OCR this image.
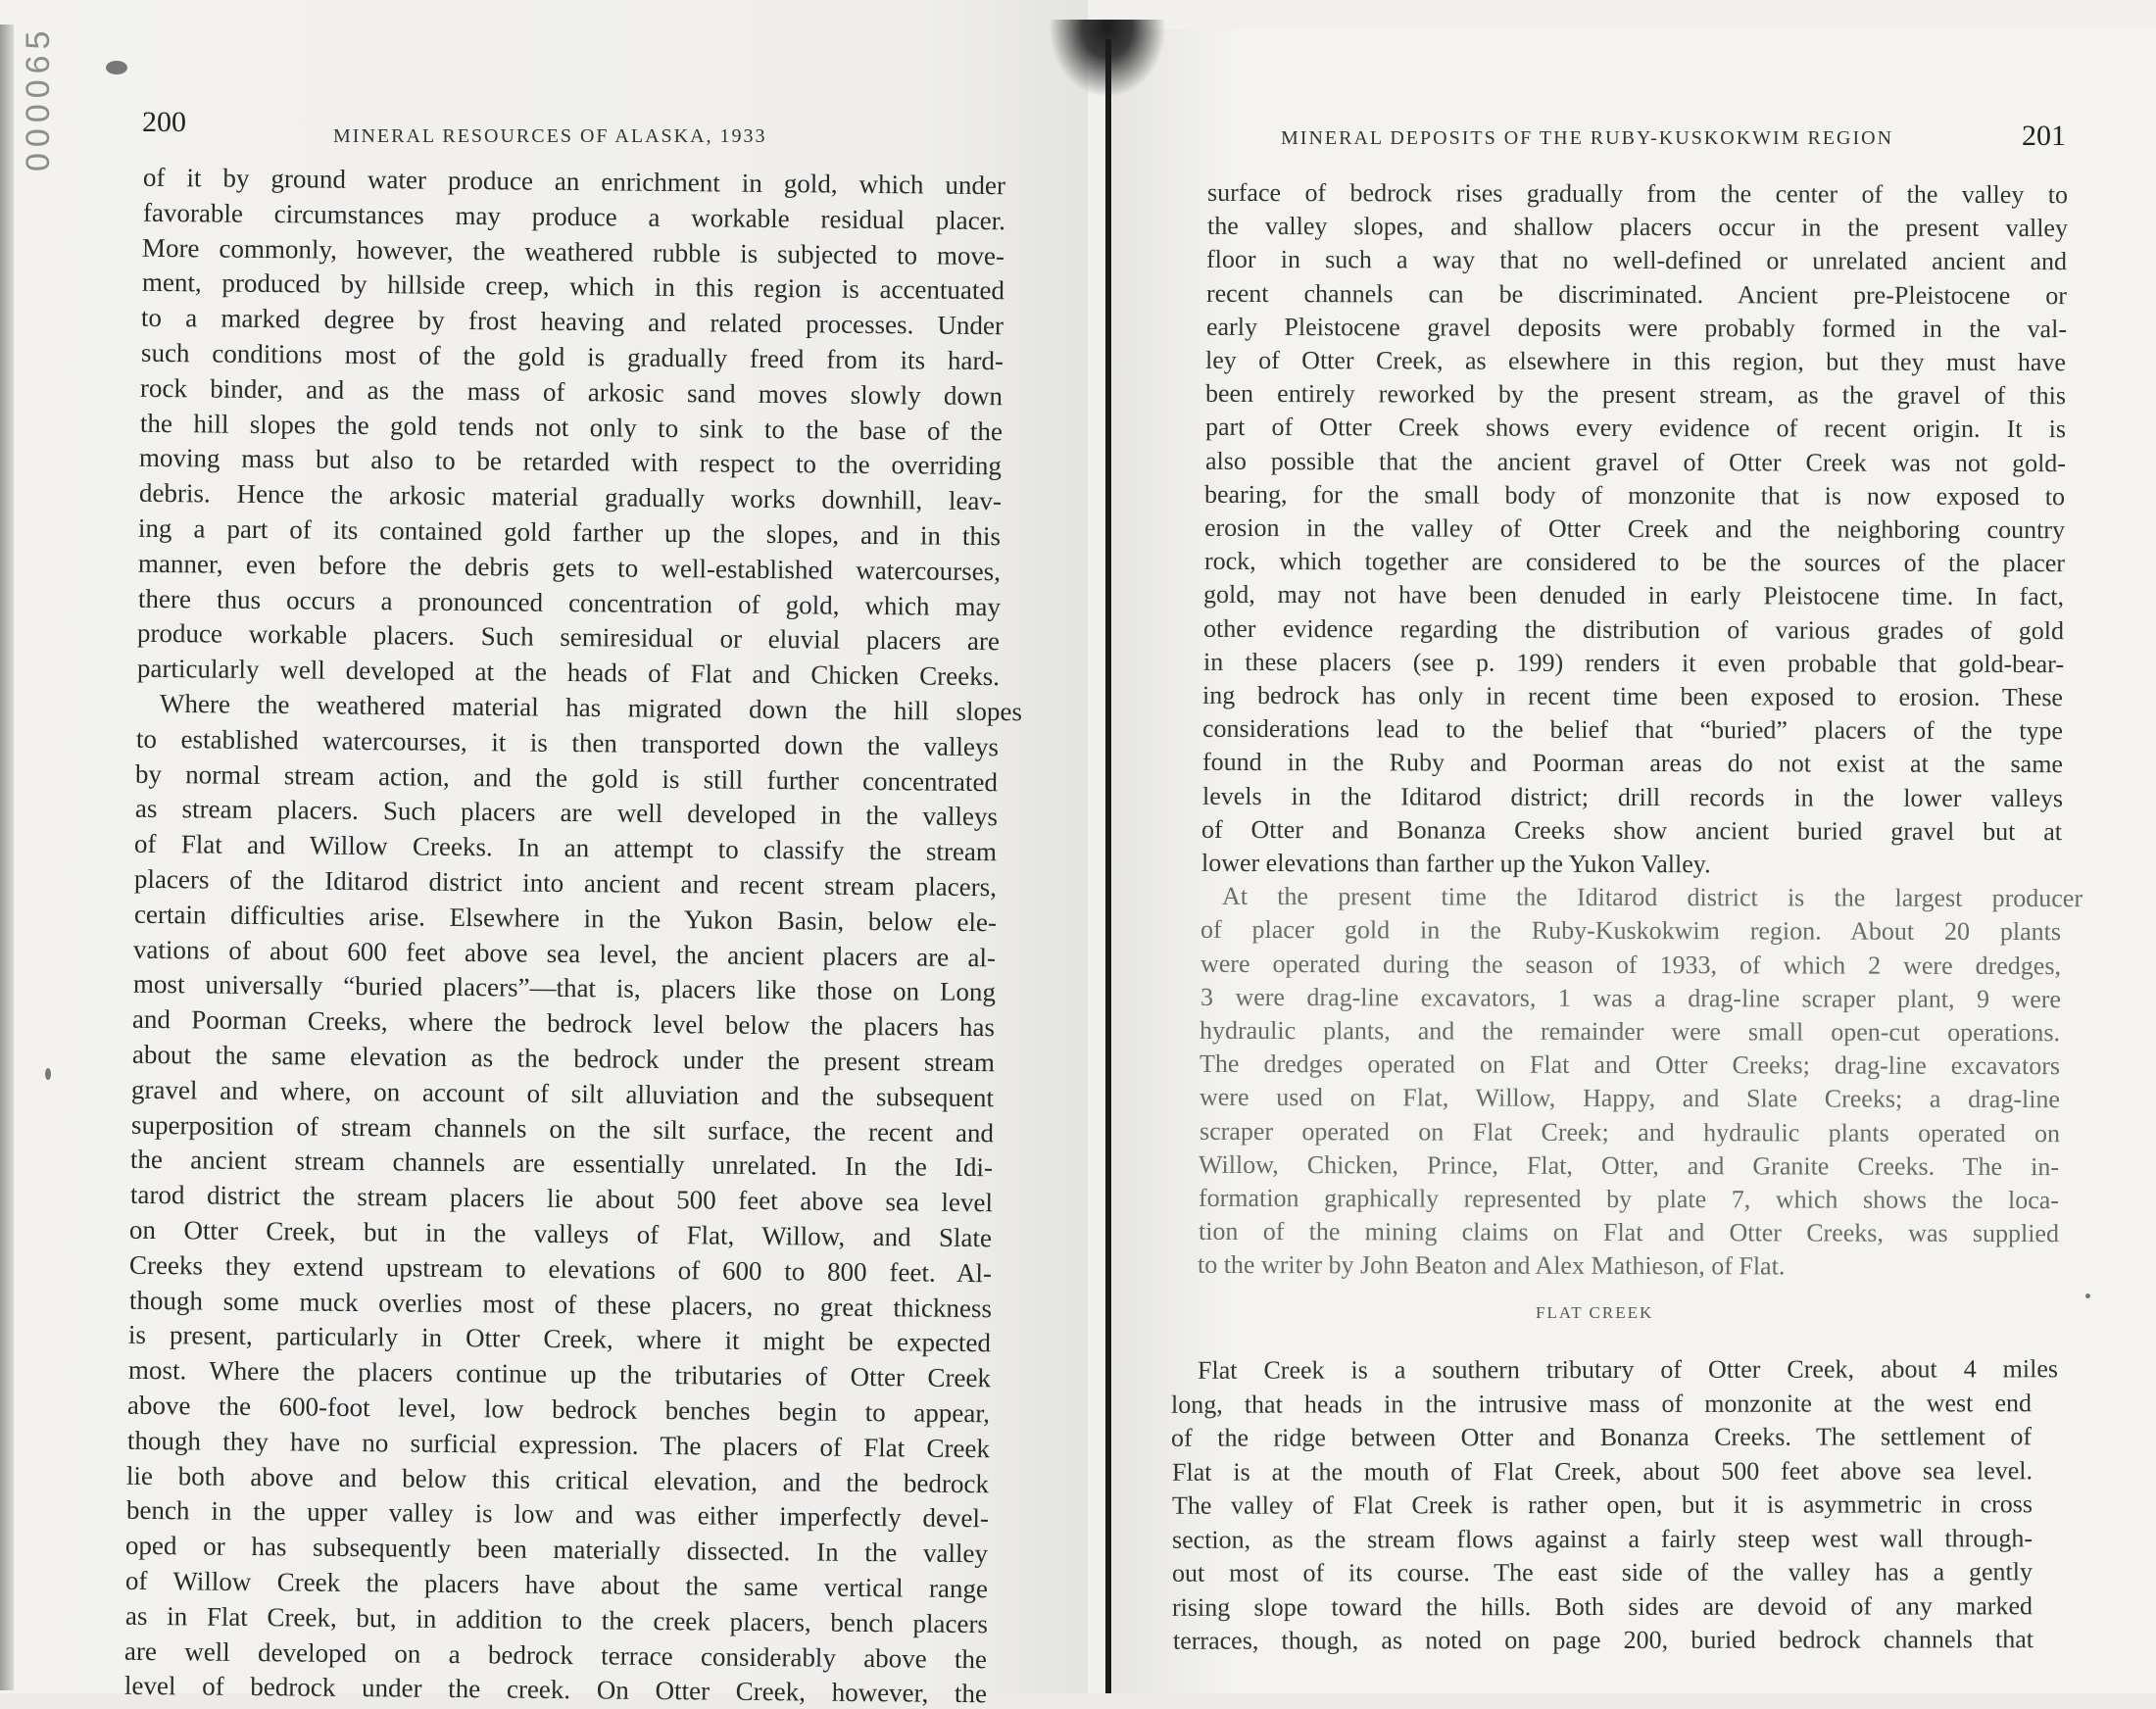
000065	200	MINERAL RESOURCES OF ALASKA, 1933	201
MINERAL DEPOSITS OF THE RUBY-KUSKOKWIM REGION
of it by ground water produce an enrichment in gold, which under
favorable circumstances may produce a workable residual placer.
More commonly, however, the weathered rubble is subjected to move-
ment, produced by hillside creep, which in this region is accentuated
to a marked degree by frost heaving and related processes. Under
such conditions most of the gold is gradually freed from its hard-
rock binder, and as the mass of arkosic sand moves slowly down
the hill slopes the gold tends not only to sink to the base of the
moving mass but also to be retarded with respect to the overriding
debris. Hence the arkosic material gradually works downhill, leav-
ing a part of its contained gold farther up the slopes, and in this
manner, even before the debris gets to well-established watercourses,
there thus occurs a pronounced concentration of gold, which may
produce workable placers. Such semiresidual or eluvial placers are
particularly well developed at the heads of Flat and Chicken Creeks.
Where the weathered material has migrated down the hill slopes
to established watercourses, it is then transported down the valleys
by normal stream action, and the gold is still further concentrated
as stream placers. Such placers are well developed in the valleys
of Flat and Willow Creeks. In an attempt to classify the stream
placers of the Iditarod district into ancient and recent stream placers,
certain difficulties arise. Elsewhere in the Yukon Basin, below ele-
vations of about 600 feet above sea level, the ancient placers are al-
most universally “buried placers”—that is, placers like those on Long
and Poorman Creeks, where the bedrock level below the placers has
about the same elevation as the bedrock under the present stream
gravel and where, on account of silt alluviation and the subsequent
superposition of stream channels on the silt surface, the recent and
the ancient stream channels are essentially unrelated. In the Idi-
tarod district the stream placers lie about 500 feet above sea level
on Otter Creek, but in the valleys of Flat, Willow, and Slate
Creeks they extend upstream to elevations of 600 to 800 feet. Al-
though some muck overlies most of these placers, no great thickness
is present, particularly in Otter Creek, where it might be expected
most. Where the placers continue up the tributaries of Otter Creek
above the 600-foot level, low bedrock benches begin to appear,
though they have no surficial expression. The placers of Flat Creek
lie both above and below this critical elevation, and the bedrock
bench in the upper valley is low and was either imperfectly devel-
oped or has subsequently been materially dissected. In the valley
of Willow Creek the placers have about the same vertical range
as in Flat Creek, but, in addition to the creek placers, bench placers
are well developed on a bedrock terrace considerably above the
level of bedrock under the creek. On Otter Creek, however, the
surface of bedrock rises gradually from the center of the valley to
the valley slopes, and shallow placers occur in the present valley
floor in such a way that no well-defined or unrelated ancient and
recent channels can be discriminated. Ancient pre-Pleistocene or
early Pleistocene gravel deposits were probably formed in the val-
ley of Otter Creek, as elsewhere in this region, but they must have
been entirely reworked by the present stream, as the gravel of this
part of Otter Creek shows every evidence of recent origin. It is
also possible that the ancient gravel of Otter Creek was not gold-
bearing, for the small body of monzonite that is now exposed to
erosion in the valley of Otter Creek and the neighboring country
rock, which together are considered to be the sources of the placer
gold, may not have been denuded in early Pleistocene time. In fact,
other evidence regarding the distribution of various grades of gold
in these placers (see p. 199) renders it even probable that gold-bear-
ing bedrock has only in recent time been exposed to erosion. These
considerations lead to the belief that “buried” placers of the type
found in the Ruby and Poorman areas do not exist at the same
levels in the Iditarod district; drill records in the lower valleys
of Otter and Bonanza Creeks show ancient buried gravel but at
lower elevations than farther up the Yukon Valley.
At the present time the Iditarod district is the largest producer
of placer gold in the Ruby-Kuskokwim region. About 20 plants
were operated during the season of 1933, of which 2 were dredges,
3 were drag-line excavators, 1 was a drag-line scraper plant, 9 were
hydraulic plants, and the remainder were small open-cut operations.
The dredges operated on Flat and Otter Creeks; drag-line excavators
were used on Flat, Willow, Happy, and Slate Creeks; a drag-line
scraper operated on Flat Creek; and hydraulic plants operated on
Willow, Chicken, Prince, Flat, Otter, and Granite Creeks. The in-
formation graphically represented by plate 7, which shows the loca-
tion of the mining claims on Flat and Otter Creeks, was supplied
to the writer by John Beaton and Alex Mathieson, of Flat.
FLAT CREEK
Flat Creek is a southern tributary of Otter Creek, about 4 miles
long, that heads in the intrusive mass of monzonite at the west end
of the ridge between Otter and Bonanza Creeks. The settlement of
Flat is at the mouth of Flat Creek, about 500 feet above sea level.
The valley of Flat Creek is rather open, but it is asymmetric in cross
section, as the stream flows against a fairly steep west wall through-
out most of its course. The east side of the valley has a gently
rising slope toward the hills. Both sides are devoid of any marked
terraces, though, as noted on page 200, buried bedrock channels that
